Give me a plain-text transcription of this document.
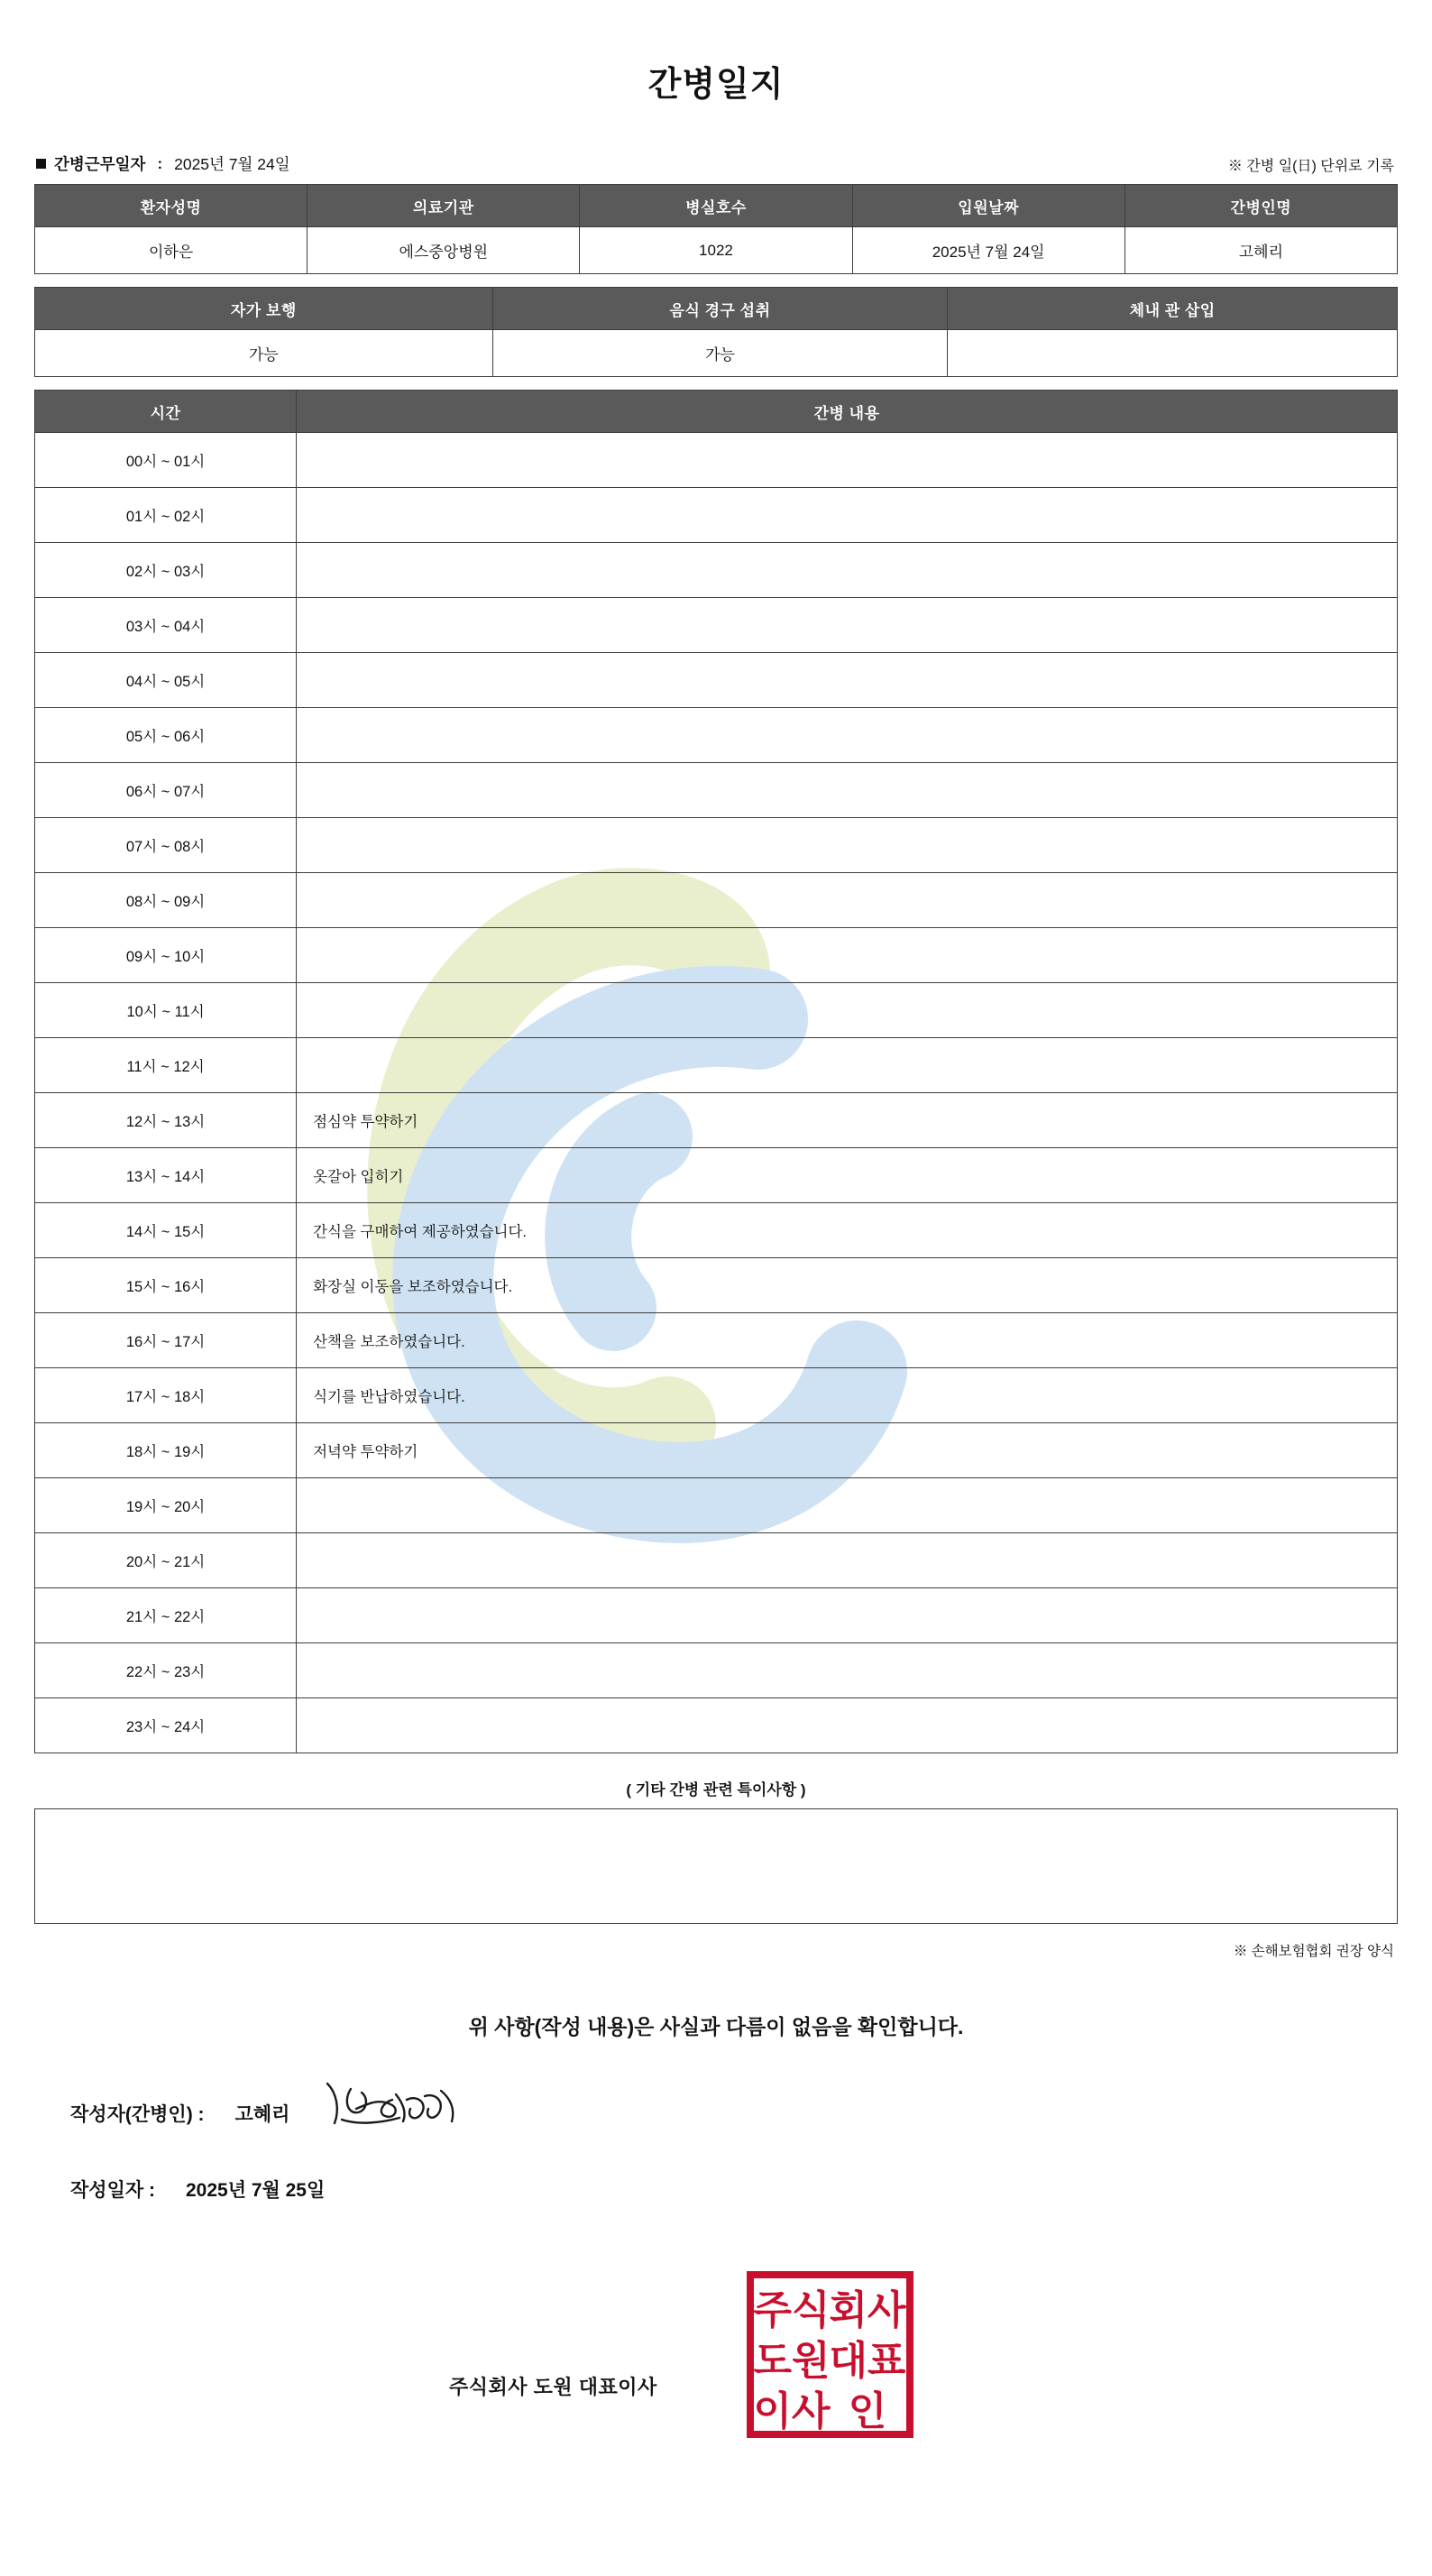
간병일지
간병근무일자 : 2025년 7월 24일	※ 간병 일(日) 단위로 기록
환자성명	의료기관	병실호수	입원날짜	간병인명
이하은	에스중앙병원	1022	2025년 7월 24일	고혜리
자가 보행	음식 경구 섭취	체내 관 삽입
가능	가능	
시간	간병 내용
00시 ~ 01시	
01시 ~ 02시	
02시 ~ 03시	
03시 ~ 04시	
04시 ~ 05시	
05시 ~ 06시	
06시 ~ 07시	
07시 ~ 08시	
08시 ~ 09시	
09시 ~ 10시	
10시 ~ 11시	
11시 ~ 12시	
12시 ~ 13시	점심약 투약하기
13시 ~ 14시	옷갈아 입히기
14시 ~ 15시	간식을 구매하여 제공하였습니다.
15시 ~ 16시	화장실 이동을 보조하였습니다.
16시 ~ 17시	산책을 보조하였습니다.
17시 ~ 18시	식기를 반납하였습니다.
18시 ~ 19시	저녁약 투약하기
19시 ~ 20시	
20시 ~ 21시	
21시 ~ 22시	
22시 ~ 23시	
23시 ~ 24시	
( 기타 간병 관련 특이사항 )
※ 손해보험협회 권장 양식
위 사항(작성 내용)은 사실과 다름이 없음을 확인합니다.
작성자(간병인) : 고혜리
작성일자 : 2025년 7월 25일
주식회사 도원 대표이사
주식
회사
도원
대표
이사 인
